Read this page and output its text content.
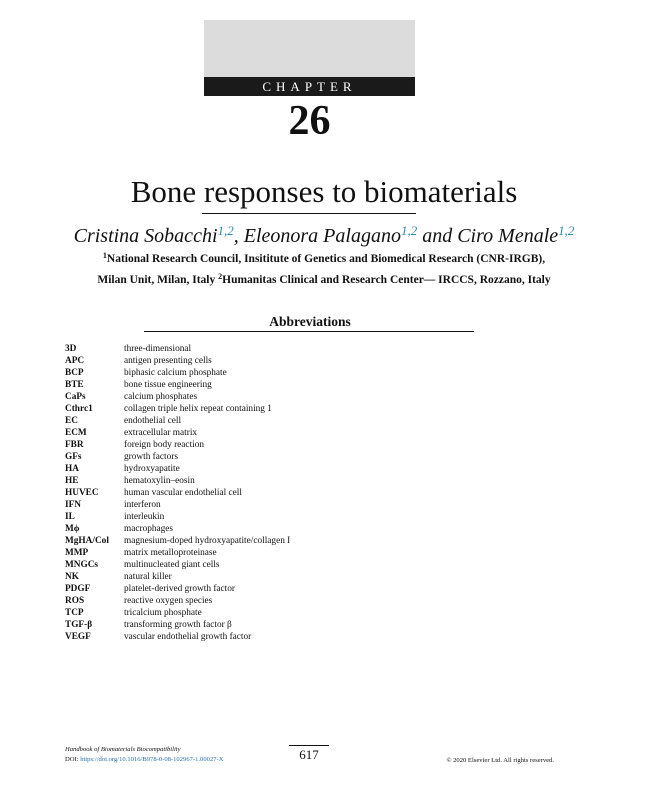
CHAPTER
26
Bone responses to biomaterials
Cristina Sobacchi$^{1,2}$, Eleonora Palagano$^{1,2}$ and Ciro Menale$^{1,2}$
$^1$National Research Council, Insititute of Genetics and Biomedical Research (CNR-IRGB),
Milan Unit, Milan, Italy $^2$Humanitas Clinical and Research Center— IRCCS, Rozzano, Italy
Abbreviations
3D	three-dimensional
APC	antigen presenting cells
BCP	biphasic calcium phosphate
BTE	bone tissue engineering
CaPs	calcium phosphates
Cthrc1	collagen triple helix repeat containing 1
EC	endothelial cell
ECM	extracellular matrix
FBR	foreign body reaction
GFs	growth factors
HA	hydroxyapatite
HE	hematoxylin–eosin
HUVEC	human vascular endothelial cell
IFN	interferon
IL	interleukin
Mϕ	macrophages
MgHA/Col magnesium-doped hydroxyapatite/collagen I
MMP	matrix metalloproteinase
MNGCs	multinucleated giant cells
NK	natural killer
PDGF	platelet-derived growth factor
ROS	reactive oxygen species
TCP	tricalcium phosphate
TGF-β	transforming growth factor β
VEGF	vascular endothelial growth factor
Handbook of Biomaterials Biocompatibility
DOI: https://doi.org/10.1016/B978-0-08-102967-1.00027-X	617	© 2020 Elsevier Ltd. All rights reserved.
